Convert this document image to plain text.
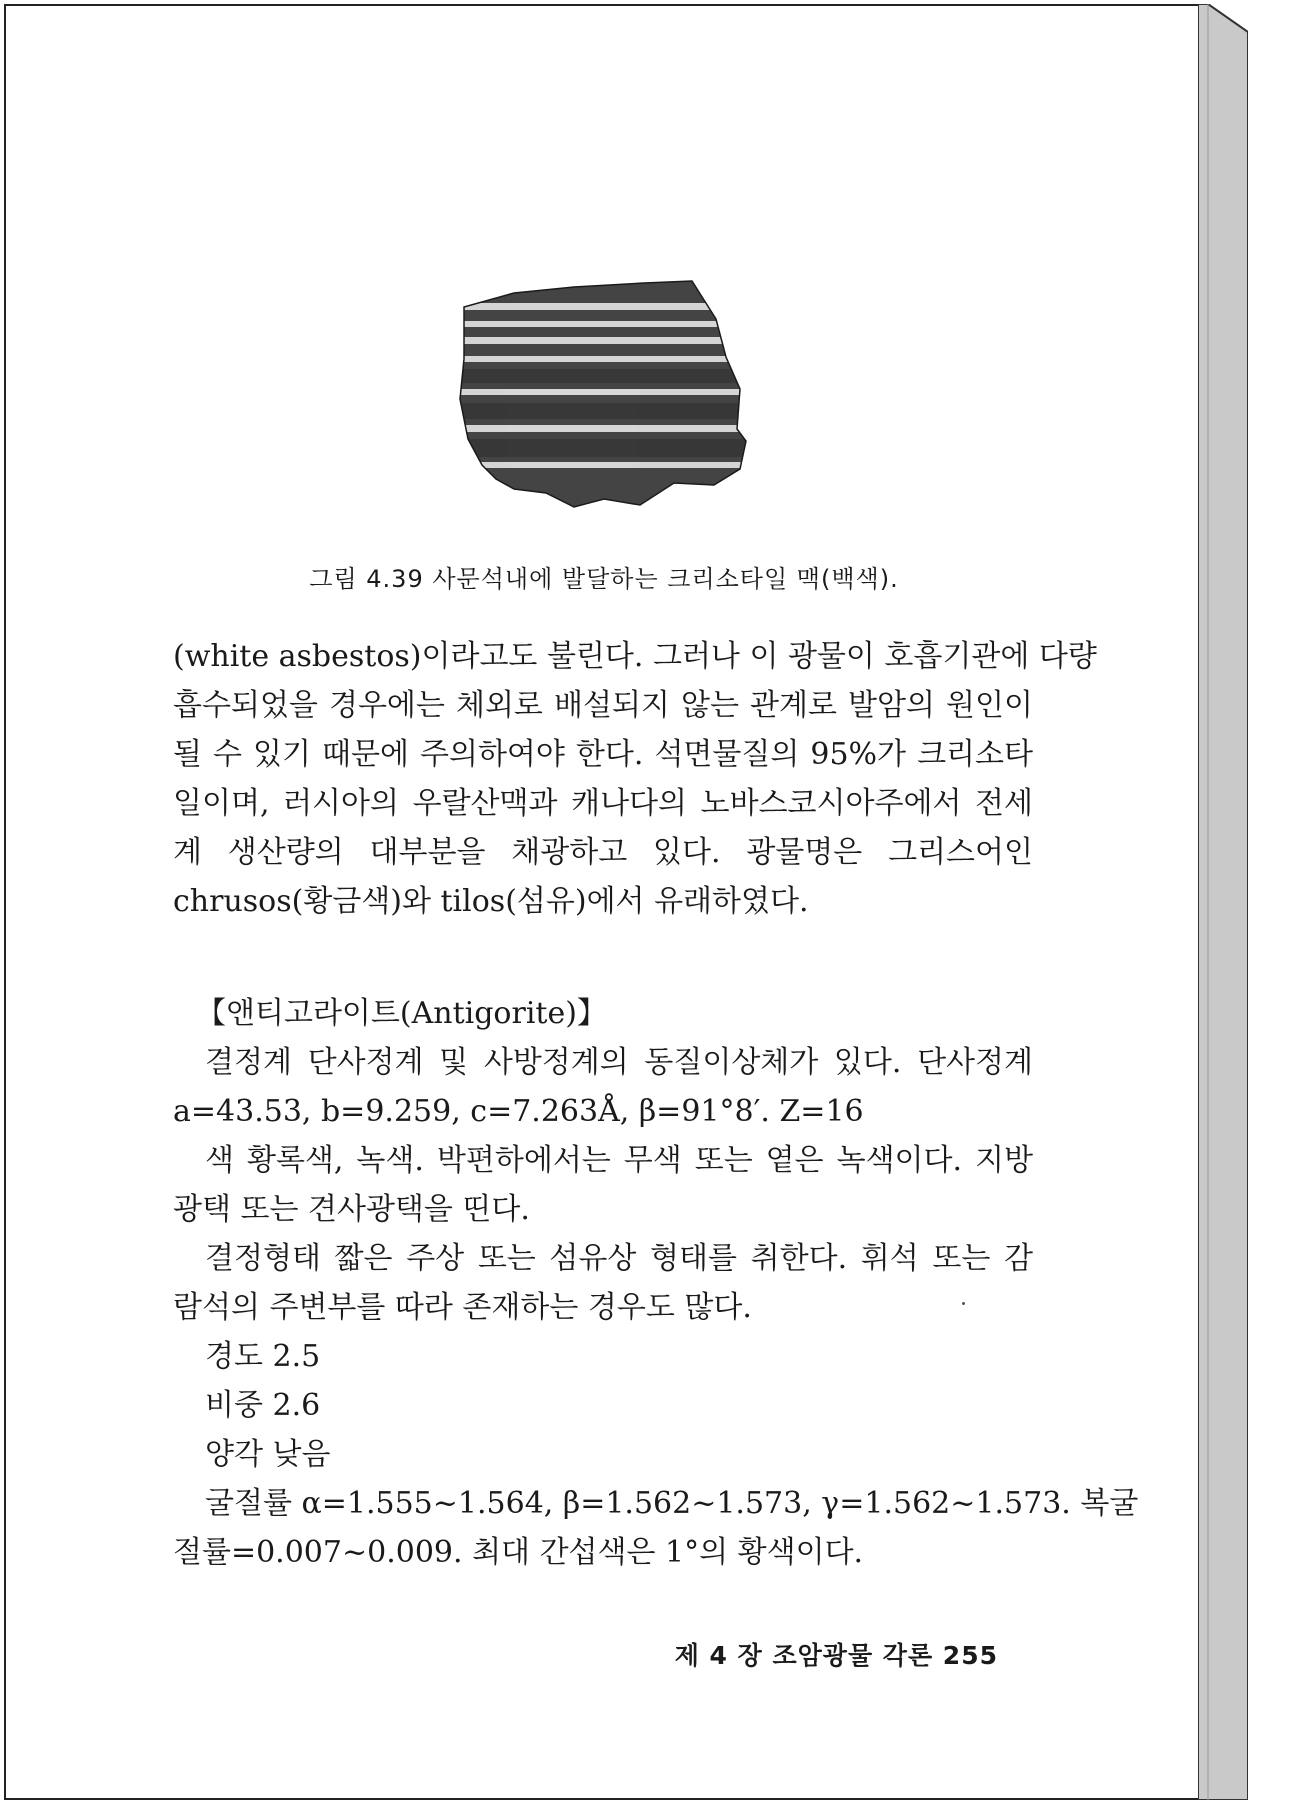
그림 4.39 사문석내에 발달하는 크리소타일 맥(백색).
(white asbestos)이라고도 불린다. 그러나 이 광물이 호흡기관에 다량
흡수되었을 경우에는 체외로 배설되지 않는 관계로 발암의 원인이
될 수 있기 때문에 주의하여야 한다. 석면물질의 95%가 크리소타
일이며, 러시아의 우랄산맥과 캐나다의 노바스코시아주에서 전세
계 생산량의 대부분을 채광하고 있다. 광물명은 그리스어인
chrusos(황금색)와 tilos(섬유)에서 유래하였다.
【앤티고라이트(Antigorite)】
결정계 단사정계 및 사방정계의 동질이상체가 있다. 단사정계
a=43.53, b=9.259, c=7.263Å, β=91°8′. Z=16
색 황록색, 녹색. 박편하에서는 무색 또는 옅은 녹색이다. 지방
광택 또는 견사광택을 띤다.
결정형태 짧은 주상 또는 섬유상 형태를 취한다. 휘석 또는 감
람석의 주변부를 따라 존재하는 경우도 많다.
경도 2.5
비중 2.6
양각 낮음
굴절률 α=1.555~1.564, β=1.562~1.573, γ=1.562~1.573. 복굴
절률=0.007~0.009. 최대 간섭색은 1°의 황색이다.
제 4 장 조암광물 각론 255
